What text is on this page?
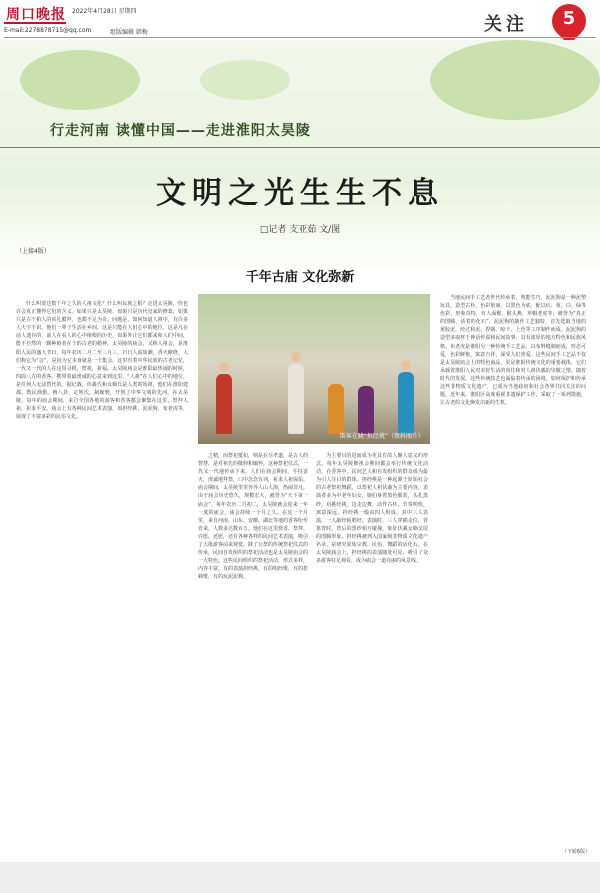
周口晚报 2022年4月28日 星期四
E-mail:2278878715@qq.com	组版编辑 韩梅	关注	5
行走河南 读懂中国——走进淮阳太昊陵
文明之光生生不息
□记者 支亚茹 文/图
（上接4版）
千年古庙 文化弥新
什么叫宽达数千年之久的人祖文化？什么叫民族之根？走进太昊陵，你也许会真正懂得它们的含义。如果只是太昊陵，如果只是历代皇家的修葺，如果只是古干柏人的顶礼膜拜，也都不足为奇。问题是，如何知道人祖中，有许多人大字不识，他们一辈子生活在乡间，这是只能在人们心中的地位，这是凡在前人遗存的，前人在看人的心中植根的历史，如果外让它们都来和人们中间，能不自然的一颗种植者在个的古老的精神。太昊陵的庙会，又称人祖会，是淮阳人民的盛大节日，每年农历二月二至三月三，日日人流如潮，香火缭绕。人们称它为“会”，是因为它本身就是一个集会。这里有着中华民族的古老记忆，一代又一代的人在这里寻根，祭祖，祈福。太昊陵庙会是淮阳最热闹的时候，四面八方的香客，携带着最虔诚的心意来到这里。“人祖”在人们心中的地位，是任何人无法替代的。据记载，伏羲氏和女娲氏是人类的始祖，他们在淮阳建都，教民渔猎，画八卦，定姓氏，制嫁娶，开创了中华文明的先河。在太昊陵，每年的庙会期间，来自全国各地的游客和香客都会聚集在这里，祭拜人祖，祈求平安。庙会上有各种民间艺术表演，如担经挑、泥泥狗、布老虎等，展现了丰富多彩的民俗文化。
斯客在跳“担经挑”（资料图片）
之精，而祭祀抵扣，则是在尽孝道，是古人的智慧，是对祖先的敬仰和缅怀。这种祭祀仪式，一代又一代地传承下来。人们在庙会期间，手持香火，虔诚地拜祭，口中念念有词，祈求人祖保佑。庙会期间，太昊陵里里外外人山人海，热闹非凡。由于庙会历史悠久，规模宏大，被誉为“天下第一庙会”。每年农历二月初二，太昊陵就会迎来一年一度的庙会，庙会持续一个月之久。在这一个月里，来自河南、山东、安徽、湖北等地的香客纷至沓来，人数多达数百万。他们在这里烧香、祭拜、许愿、还愿，还有各种各样的民间艺术表演，吸引了大批游客前来观赏。除了公祭的传统祭祀仪式的传承，民间自发组织的祭祀活动也是太昊陵庙会的一大特色。这些民间组织的祭祀活动，形式多样，内容丰富，有的表演担经挑，有的唱经歌，有的扭秧歌，有的玩泥泥狗。
为主要目的进而成为更具有故人聚人意义的形式。每年太昊陵朝祖会期间都会举行传统文化活动，在香客中，民间艺人和自发组织的群众成为最为引人注目的群体。担经挑是一种起源于原始社会的古老祭祀舞蹈，以祭祀人祖伏羲为主要内容，表演者多为中老年妇女，她们身着黑色服装，头扎黑纱，肩挑经挑，边走边舞，动作古朴，节奏明快，寓意深远。担经挑一般由四人组成，其中三人表演，一人敲经板唱经。表演时，三人穿插走位，背靠背时，背后的黑纱相互碰撞，象征伏羲女娲交尾的图腾形象。担经挑被列入国家级非物质文化遗产名录，是研究原始宗教、民俗、舞蹈的活化石。在太昊陵庙会上，担经挑的表演随处可见，吸引了众多游客驻足观看，成为庙会一道亮丽的风景线。
当地民间手工艺者世代传承着，熟能生巧，泥泥狗是一种泥塑玩具，造型古朴，色彩艳丽，以黑色为底，配以红、黄、白、绿等色彩，形象奇特，有人面猴、猴头燕、草帽老虎等，被誉为“真正的图腾，活着的化石”。泥泥狗的制作工艺独特，首先选取当地的黄胶泥，经过和泥、捏制、晾干、上色等工序制作而成。泥泥狗的造型多取材于神话传说和民间故事，具有浓厚的地方特色和民族风格。布老虎是淮阳另一种传统手工艺品，以布料缝制而成，形态可爱，色彩鲜艳，寓意吉祥，深受人们喜爱。这些民间手工艺品不仅是太昊陵庙会上的特色商品，更是淮阳传统文化的重要载体，它们承载着淮阳人民对美好生活的向往和对人祖伏羲的崇敬之情。随着时代的发展，这些传统技艺也面临着传承的困境，如何保护和传承这些非物质文化遗产，已成为当地政府和社会各界共同关注的问题。近年来，淮阳区高度重视非遗保护工作，采取了一系列措施，让古老的文化焕发出新的生机。
（下转6版）
